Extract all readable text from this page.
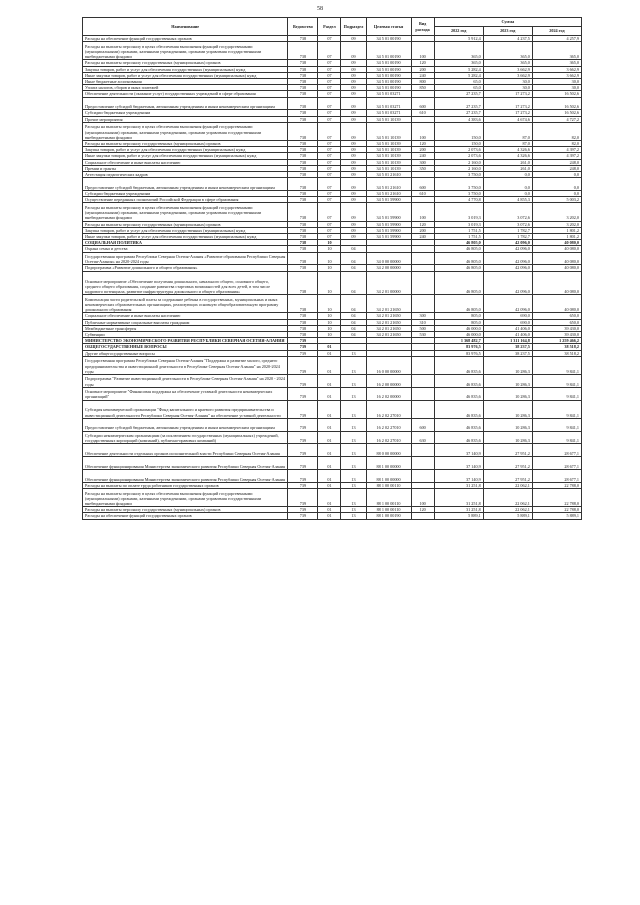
58
Наименование	Ведомство	Раздел	Подраздел	Целевая статья	Вид расхода	Сумма		
						2022 год	2023 год	2024 год
Расходы на обеспечение функций государственных органов	738	07	09	34 5 01 00190		5 912,4	4 237,5	4 257,9
Расходы на выплаты персоналу в целях обеспечения выполнения функций государственными (муниципальными) органами, казенными учреждениями, органами управления государственными внебюджетными фондами	738	07	09	34 5 01 00190	100	365,0	365,0	365,0
Расходы на выплаты персоналу государственных (муниципальных) органов	738	07	09	34 5 01 00190	120	365,0	365,0	365,0
Закупка товаров, работ и услуг для обеспечения государственных (муниципальных) нужд	738	07	09	34 5 01 00190	200	5 282,4	3 662,9	3 662,9
Иные закупки товаров, работ и услуг для обеспечения государственных (муниципальных) нужд	738	07	09	34 5 01 00190	240	5 282,4	3 662,9	3 662,9
Иные бюджетные ассигнования	738	07	09	34 5 01 00190	800	65,0	30,0	30,0
Уплата налогов, сборов и иных платежей	738	07	09	34 5 01 00190	850	65,0	30,0	30,0
Обеспечение деятельности (оказание услуг) государственных учреждений в сфере образования	738	07	09	34 5 01 03271		27 235,7	17 273,2	16 502,6
Предоставление субсидий бюджетным, автономным учреждениям и иным некоммерческим организациям	738	07	09	34 5 01 03271	600	27 235,7	17 273,2	16 502,6
Субсидии бюджетным учреждениям	738	07	09	34 5 01 03271	610	27 235,7	17 273,2	16 502,6
Прочие мероприятия	738	07	09	34 5 01 10139		4 383,6	4 674,6	4 727,2
Расходы на выплаты персоналу в целях обеспечения выполнения функций государственными (муниципальными) органами, казенными учреждениями, органами управления государственными внебюджетными фондами	738	07	09	34 5 01 10139	100	150,0	87,0	82,0
Расходы на выплаты персоналу государственных (муниципальных) органов	738	07	09	34 5 01 10139	120	150,0	87,0	82,0
Закупка товаров, работ и услуг для обеспечения государственных (муниципальных) нужд	738	07	09	34 5 01 10139	200	2 073,6	4 326,6	4 397,2
Иные закупки товаров, работ и услуг для обеспечения государственных (муниципальных) нужд	738	07	09	34 5 01 10139	240	2 073,6	4 326,6	4 397,2
Социальное обеспечение и иные выплаты населению	738	07	09	34 5 01 10139	300	2 160,0	261,0	248,0
Премии и гранты	738	07	09	34 5 01 10139	350	2 160,0	261,0	248,0
Аттестация педагогических кадров	738	07	09	34 5 01 21610		3 750,0	0,0	0,0
Предоставление субсидий бюджетным, автономным учреждениям и иным некоммерческим организациям	738	07	09	34 5 01 21610	600	3 750,0	0,0	0,0
Субсидии бюджетным учреждениям	738	07	09	34 5 01 21610	610	3 750,0	0,0	0,0
Осуществление переданных полномочий Российской Федерации в сфере образования	738	07	09	34 5 01 59900		4 770,8	4 855,3	5 003,2
Расходы на выплаты персоналу в целях обеспечения выполнения функций государственными (муниципальными) органами, казенными учреждениями, органами управления государственными внебюджетными фондами	738	07	09	34 5 01 59900	100	3 019,3	3 072,6	3 202,0
Расходы на выплаты персоналу государственных (муниципальных) органов	738	07	09	34 5 01 59900	120	3 019,3	3 072,6	3 202,0
Закупка товаров, работ и услуг для обеспечения государственных (муниципальных) нужд	738	07	09	34 5 01 59900	200	1 751,5	1 782,7	1 801,2
Иные закупки товаров, работ и услуг для обеспечения государственных (муниципальных) нужд	738	07	09	34 5 01 59900	240	1 751,5	1 782,7	1 801,2
СОЦИАЛЬНАЯ ПОЛИТИКА	738	10				46 805,0	42 096,0	40 080,0
Охрана семьи и детства	738	10	04			46 805,0	42 096,0	40 080,0
Государственная программа Республики Северная Осетия-Алания «Развитие образования Республики Северная Осетия-Алания» на 2020-2024 годы	738	10	04	34 0 00 00000		46 805,0	42 096,0	40 080,0
Подпрограмма «Развитие дошкольного и общего образования»	738	10	04	34 2 00 00000		46 805,0	42 096,0	40 080,0
Основное мероприятие «Обеспечение получения дошкольного, начального общего, основного общего, среднего общего образования, создание равенства стартовых возможностей для всех детей, в том числе кадрового потенциала, развитие инфраструктуры дошкольного и общего образования»	738	10	04	34 2 01 00000		46 805,0	42 096,0	40 080,0
Компенсация части родительской платы за содержание ребенка в государственных, муниципальных и иных некоммерческих образовательных организациях, реализующих основную общеобразовательную программу дошкольного образования	738	10	04	34 2 01 21650		46 805,0	42 096,0	40 080,0
Социальное обеспечение и иные выплаты населению	738	10	04	34 2 01 21650	300	805,0	690,0	650,0
Публичные нормативные социальные выплаты гражданам	738	10	04	34 2 01 21650	310	805,0	690,0	650,0
Межбюджетные трансферты	738	10	04	34 2 01 21650	500	46 000,0	41 406,0	39 430,0
Субвенции	738	10	04	34 2 01 21650	530	46 000,0	41 406,0	39 430,0
МИНИСТЕРСТВО ЭКОНОМИЧЕСКОГО РАЗВИТИЯ РЕСПУБЛИКИ СЕВЕРНАЯ ОСЕТИЯ-АЛАНИЯ	739					1 368 482,7	1 311 164,8	1 259 466,2
ОБЩЕГОСУДАРСТВЕННЫЕ ВОПРОСЫ	739	01				83 976,5	38 237,5	38 518,2
Другие общегосударственные вопросы	739	01	13			83 976,5	38 237,5	38 518,2
Государственная программа Республики Северная Осетия-Алания "Поддержка и развитие малого, среднего предпринимательства и инвестиционной деятельности в Республике Северная Осетия-Алания" на 2020-2024 годы	739	01	13	16 0 00 00000		46 835,6	10 286,3	9 841,1
Подпрограмма "Развитие инвестиционной деятельности в Республике Северная Осетия-Алания" на 2020 - 2024 годы	739	01	13	16 2 00 00000		46 835,6	10 286,3	9 841,1
Основное мероприятие "Финансовая поддержка на обеспечение уставной деятельности некоммерческих организаций"	739	01	13	16 2 02 00000		46 835,6	10 286,3	9 841,1
Субсидия некоммерческой организации "Фонд капитального и краевого развития предпринимательства и инвестиционной деятельности Республики Северная Осетия-Алания" на обеспечение уставной деятельности	739	01	13	16 2 02 27010		46 835,6	10 286,3	9 841,1
Предоставление субсидий бюджетным, автономным учреждениям и иным некоммерческим организациям	739	01	13	16 2 02 27010	600	46 835,6	10 286,3	9 841,1
Субсидии некоммерческим организациям (за исключением государственных (муниципальных) учреждений, государственных корпораций (компаний), публично-правовых компаний)	739	01	13	16 2 02 27010	630	46 835,6	10 286,3	9 841,1
Обеспечение деятельности отдельных органов исполнительной власти Республики Северная Осетия-Алания	739	01	13	88 0 00 00000		37 140,9	27 951,2	28 677,1
Обеспечение функционирования Министерства экономического развития Республики Северная Осетия-Алания	739	01	13	88 1 00 00000		37 140,9	27 951,2	28 677,1
Обеспечение функционирования Министерства экономического развития Республики Северная Осетия-Алания	739	01	13	88 1 00 00000		37 140,9	27 951,2	28 677,1
Расходы на выплаты по оплате труда работников государственных органов	739	01	13	88 1 00 00110		31 251,8	22 062,1	22 788,0
Расходы на выплаты персоналу в целях обеспечения выполнения функций государственными (муниципальными) органами, казенными учреждениями, органами управления государственными внебюджетными фондами	739	01	13	88 1 00 00110	100	31 251,8	22 062,1	22 788,0
Расходы на выплаты персоналу государственных (муниципальных) органов	739	01	13	88 1 00 00110	120	31 251,8	22 062,1	22 788,0
Расходы на обеспечение функций государственных органов	739	01	13	88 1 00 00190		5 889,1	5 889,1	5 889,1
